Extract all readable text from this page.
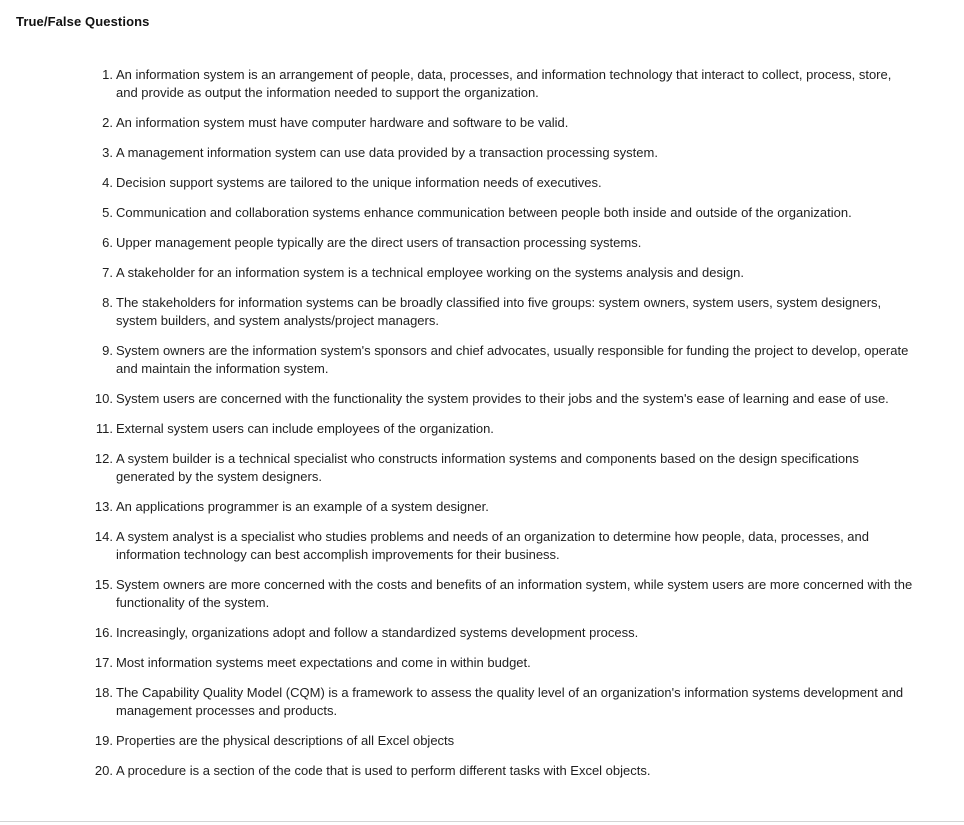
True/False Questions
1. An information system is an arrangement of people, data, processes, and information technology that interact to collect, process, store, and provide as output the information needed to support the organization.
2. An information system must have computer hardware and software to be valid.
3. A management information system can use data provided by a transaction processing system.
4. Decision support systems are tailored to the unique information needs of executives.
5. Communication and collaboration systems enhance communication between people both inside and outside of the organization.
6. Upper management people typically are the direct users of transaction processing systems.
7. A stakeholder for an information system is a technical employee working on the systems analysis and design.
8. The stakeholders for information systems can be broadly classified into five groups: system owners, system users, system designers, system builders, and system analysts/project managers.
9. System owners are the information system's sponsors and chief advocates, usually responsible for funding the project to develop, operate and maintain the information system.
10. System users are concerned with the functionality the system provides to their jobs and the system's ease of learning and ease of use.
11. External system users can include employees of the organization.
12. A system builder is a technical specialist who constructs information systems and components based on the design specifications generated by the system designers.
13. An applications programmer is an example of a system designer.
14. A system analyst is a specialist who studies problems and needs of an organization to determine how people, data, processes, and information technology can best accomplish improvements for their business.
15. System owners are more concerned with the costs and benefits of an information system, while system users are more concerned with the functionality of the system.
16. Increasingly, organizations adopt and follow a standardized systems development process.
17. Most information systems meet expectations and come in within budget.
18. The Capability Quality Model (CQM) is a framework to assess the quality level of an organization's information systems development and management processes and products.
19. Properties are the physical descriptions of all Excel objects
20. A procedure is a section of the code that is used to perform different tasks with Excel objects.
